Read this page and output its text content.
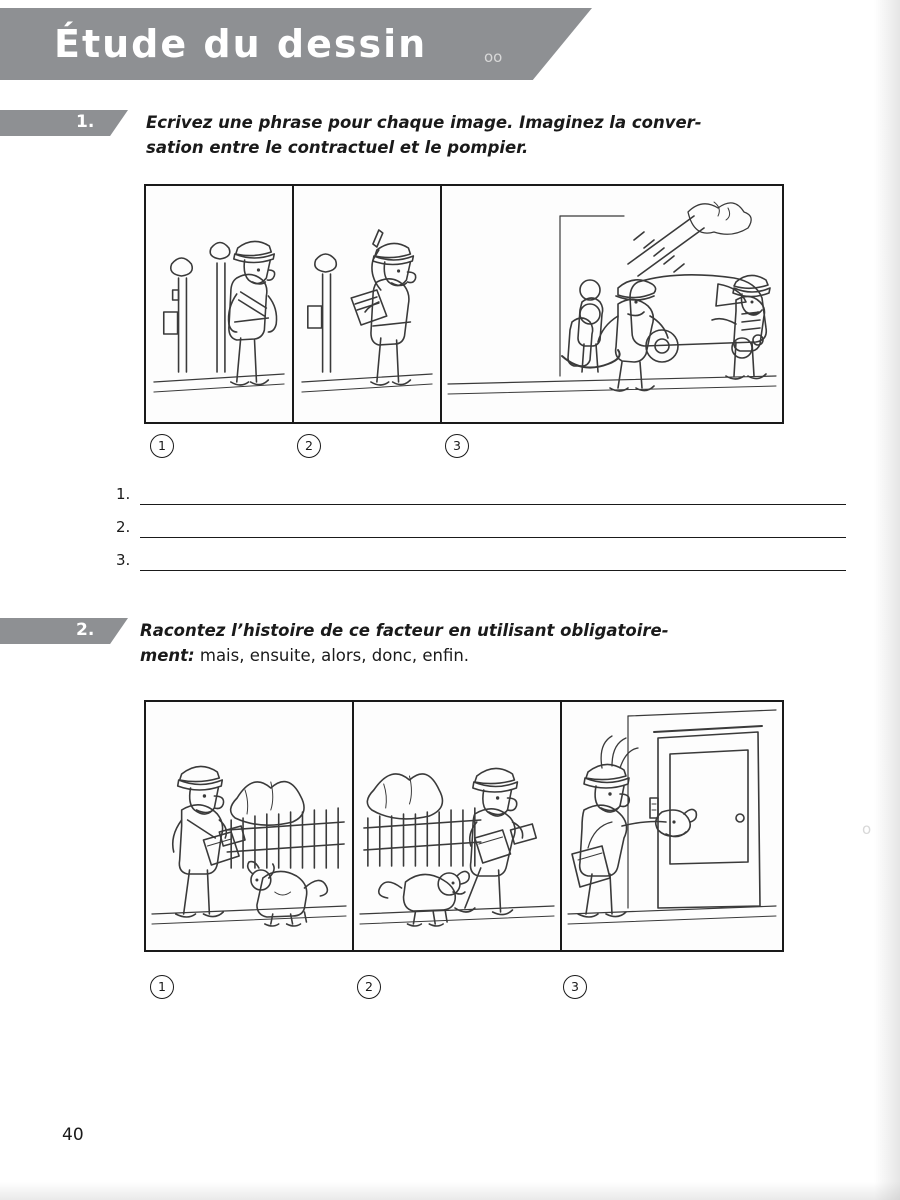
Étude du dessin	oo
o
1.	Ecrivez une phrase pour chaque image. Imaginez la conver-
sation entre le contractuel et le pompier.
1	2	3
1.
2.
3.
2.	Racontez l’histoire de ce facteur en utilisant obligatoire-
ment: mais, ensuite, alors, donc, enfin.
1	2	3
40
